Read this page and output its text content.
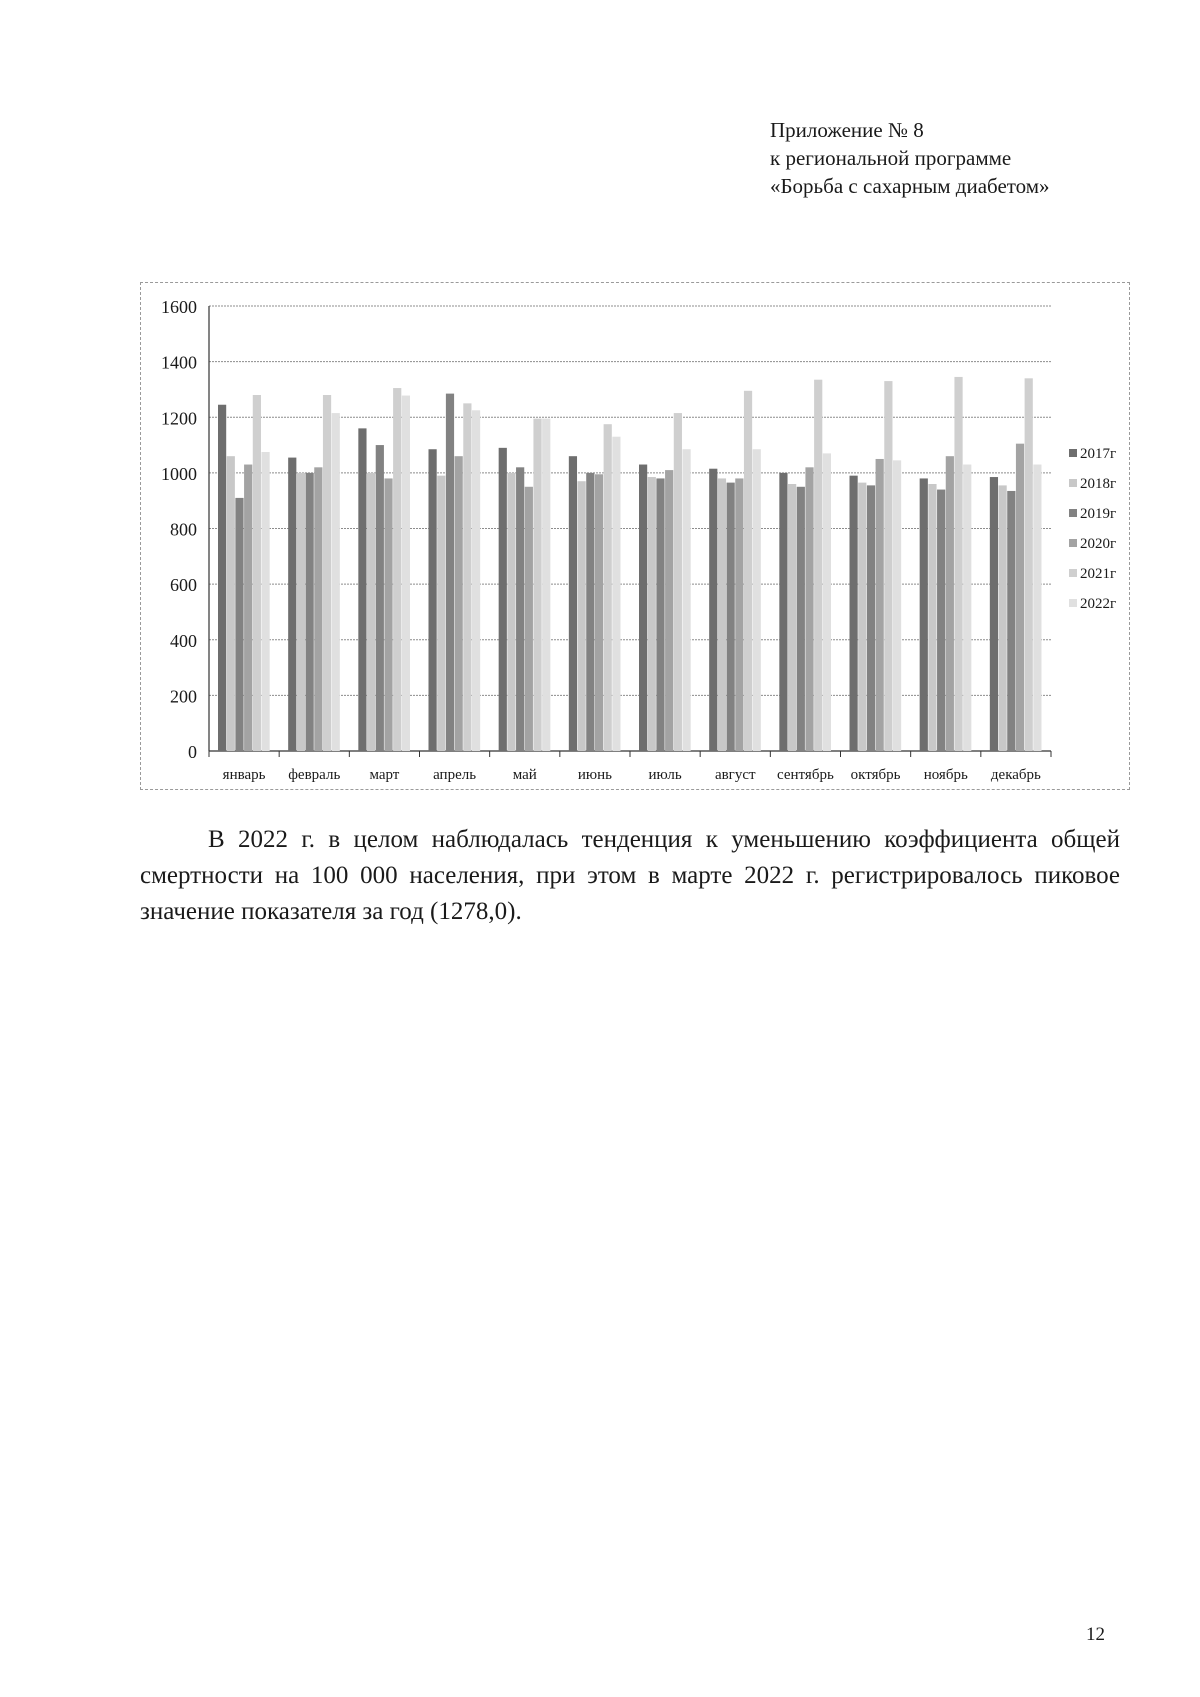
Приложение № 8
к региональной программе
«Борьба с сахарным диабетом»
0
200
400
600
800
1000
1200
1400
1600
январь февраль март апрель май	июнь июль август сентябрь октябрь ноябрь декабрь
2017г
2018г
2019г
2020г
2021г
2022г
В 2022 г. в целом наблюдалась тенденция к уменьшению коэффициента общей смертности на 100 000 населения, при этом в марте 2022 г. регистрировалось пиковое значение показателя за год (1278,0).
12
